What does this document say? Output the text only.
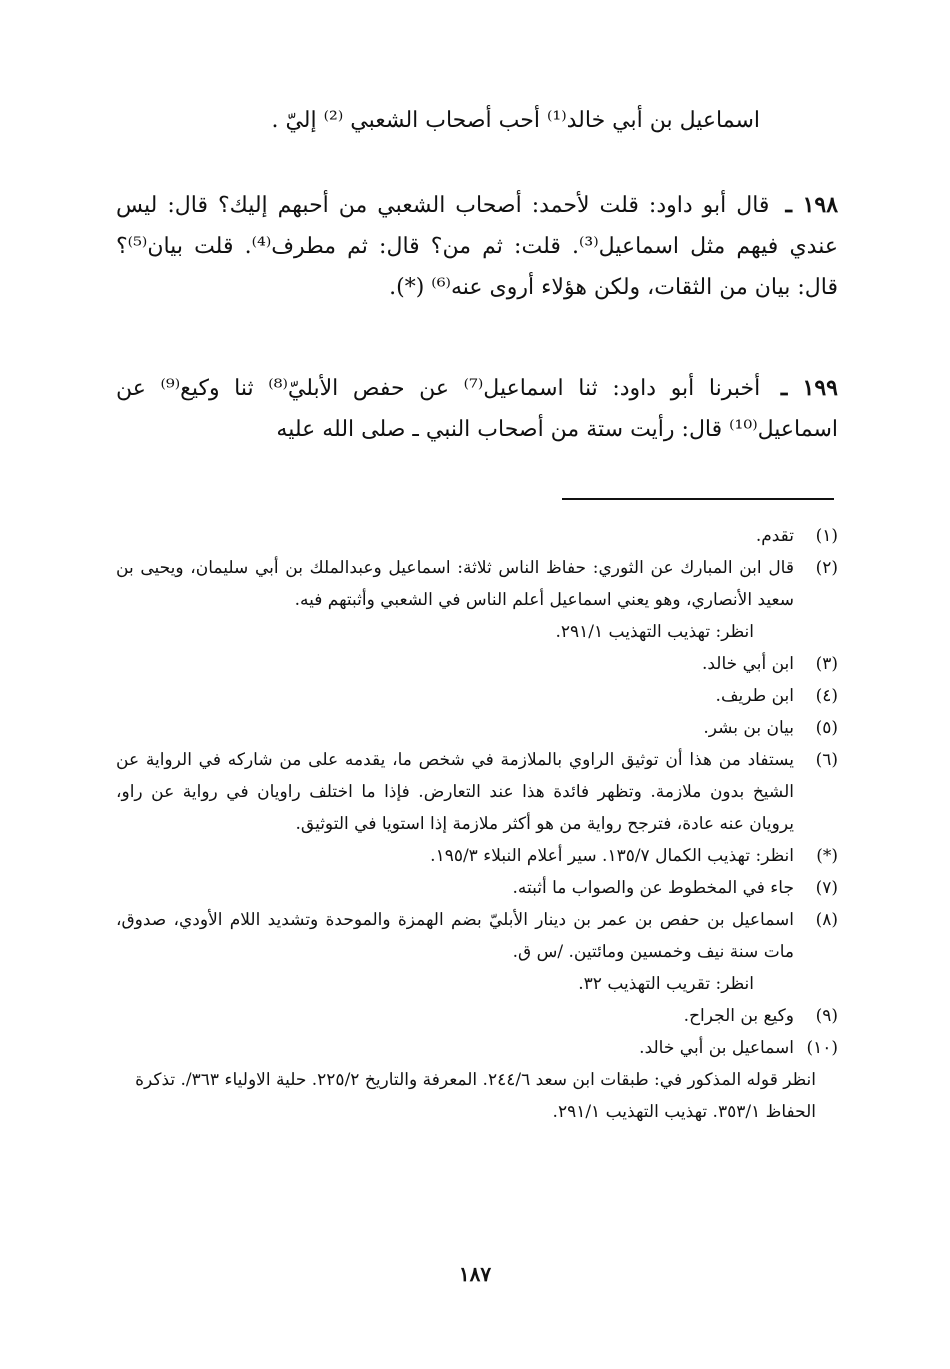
اسماعيل بن أبي خالد⁽¹⁾ أحب أصحاب الشعبي ⁽²⁾ إليّ .
١٩٨ ـ قال أبو داود: قلت لأحمد: أصحاب الشعبي من أحبهم إليك؟ قال: ليس عندي فيهم مثل اسماعيل⁽³⁾. قلت: ثم من؟ قال: ثم مطرف⁽⁴⁾. قلت بيان⁽⁵⁾؟ قال: بيان من الثقات، ولكن هؤلاء أروى عنه⁽⁶⁾ (*).
١٩٩ ـ أخبرنا أبو داود: ثنا اسماعيل⁽⁷⁾ عن حفص الأبليّ⁽⁸⁾ ثنا وكيع⁽⁹⁾ عن اسماعيل⁽¹⁰⁾ قال: رأيت ستة من أصحاب النبي ـ صلى الله عليه
(١)
تقدم.
(٢)
قال ابن المبارك عن الثوري: حفاظ الناس ثلاثة: اسماعيل وعبدالملك بن أبي سليمان، ويحيى بن سعيد الأنصاري، وهو يعني اسماعيل أعلم الناس في الشعبي وأثبتهم فيه.
انظر: تهذيب التهذيب ٢٩١/١.
(٣)
ابن أبي خالد.
(٤)
ابن طريف.
(٥)
بيان بن بشر.
(٦)
يستفاد من هذا أن توثيق الراوي بالملازمة في شخص ما، يقدمه على من شاركه في الرواية عن الشيخ بدون ملازمة. وتظهر فائدة هذا عند التعارض. فإذا ما اختلف راويان في رواية عن راو، يرويان عنه عادة، فترجح رواية من هو أكثر ملازمة إذا استويا في التوثيق.
(*)
انظر: تهذيب الكمال ١٣٥/٧. سير أعلام النبلاء ١٩٥/٣.
(٧)
جاء في المخطوط عن والصواب ما أثبته.
(٨)
اسماعيل بن حفص بن عمر بن دينار الأبليّ بضم الهمزة والموحدة وتشديد اللام الأودي، صدوق، مات سنة نيف وخمسين ومائتين. /س ق.
انظر: تقريب التهذيب ٣٢.
(٩)
وكيع بن الجراح.
(١٠)
اسماعيل بن أبي خالد.
انظر قوله المذكور في: طبقات ابن سعد ٢٤٤/٦. المعرفة والتاريخ ٢٢٥/٢. حلية الاولياء ٣٦٣/. تذكرة الحفاظ ٣٥٣/١. تهذيب التهذيب ٢٩١/١.
١٨٧
